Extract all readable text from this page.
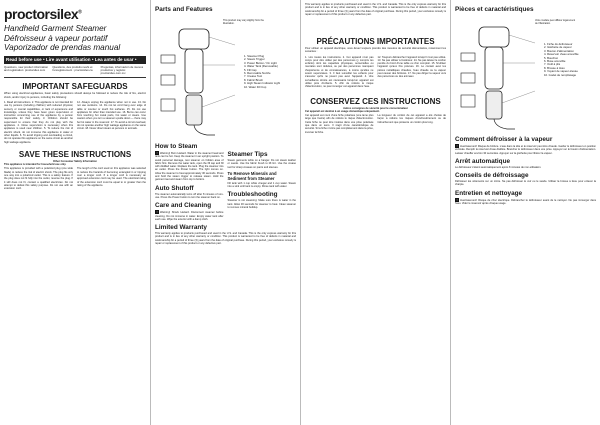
proctorsilex®
Handheld Garment Steamer
Défroisseur à vapeur portatif
Vaporizador de prendas manual
Read before use • Lire avant utilisation • Lea antes de usar •
Questions, new product information and registration: proctorsilex.com
Questions, des produits neufs et l'enregistrement : proctorsilex.ca
Preguntas, información de nuevos productos y registro: proctorsilex.com.mx
IMPORTANT SAFEGUARDS
When using electrical appliances, basic safety precautions should always be followed to reduce the risk of fire, electric shock, and/or injury to persons, including the following:
1. Read all instructions. 2. This appliance is not intended for use by persons (including children) with reduced physical, sensory or mental capabilities, or lack of experience and knowledge, unless they have been given supervision or instruction concerning use of the appliance by a person responsible for their safety. 3. Children should be supervised to ensure that they do not play with the appliance. 4. Close supervision is necessary when this appliance is used near children. 5. To reduce the risk of electric shock, do not immerse this appliance in water or other liquids. 6. To avoid tripping and overloading a circuit, do not operate this appliance on the same circuit as another high wattage appliance.
12. Always unplug the appliance when not in use. 13. Do not use outdoors. 14. Do not let cord hang over edge of table or counter or touch hot surfaces. 15. Do not use appliance for other than intended use. 16. Burns can occur from touching hot metal parts, hot water or steam. Use caution when you turn a steamer upside down — there may be hot water in the reservoir. 17. To avoid a circuit overload, do not operate another high wattage appliance on the same circuit. 18. Never direct steam at persons or animals.
SAVE THESE INSTRUCTIONS
Other Consumer Safety Information
This appliance is intended for household use only.
This appliance is provided with a polarized plug (one wide blade) to reduce the risk of electric shock. The plug fits only one way into a polarized outlet. This is a safety feature. If the plug does not fit fully into the outlet, reverse the plug. If it still does not fit, contact a qualified electrician. Do not attempt to defeat this safety purpose. Do not use with an extension cord.
The length of the cord used on this appliance was selected to reduce the hazards of becoming entangled in or tripping over a longer cord. If a longer cord is necessary an approved extension cord may be used. The electrical rating of the extension cord must be equal to or greater than the rating of the appliance.
Parts and Features
This product may vary slightly from the illustration.
1. Steamer Plug
2. Steam Trigger
3. Power Button / On Light
4. Water Tank (Removable)
5. Fill Cap
6. Removable Nozzle
7. Crease Tool
8. Fabric Brush
9. High Steam Indicator Light
10. Water Fill Cup
How to Steam
! Warning! Burn Hazard. Water in the steamer head and tank can be hot. Keep the steamer in an upright position. To avoid personal damage, test steamer on hidden area of fabric first. Remove the water tank, open the fill cap and fill with distilled water. Replace the tank. Plug the steamer into an outlet. Press the Power button. The light comes on. Allow the steamer to heat approximately 30 seconds. Press and hold the steam trigger to release steam. Hold the garment taut and steam from top to bottom.
Auto Shutoff
The steamer automatically turns off after 8 minutes of non-use. Press the Power button to turn the steamer back on.
Care and Cleaning
! Warning! Shock Hazard. Disconnect steamer before cleaning. Do not immerse in water. Empty water tank after each use. Wipe the exterior with a damp cloth.
Steamer Tips
Steam garments while on a hanger. Do not steam leather or suede. Use the fabric brush to lift lint. Use the crease tool for sharp creases on pants and sleeves.
To Remove Minerals and Sediment from Steamer
Fill tank with 1 cup white vinegar and 1 cup water. Steam into a sink until tank is empty. Rinse tank with water.
Troubleshooting
Steamer is not steaming: Make sure there is water in the tank. Allow 30 seconds for steamer to heat. Clean steamer to remove mineral buildup.
Limited Warranty
This warranty applies to products purchased and used in the U.S. and Canada. This is the only express warranty for this product and is in lieu of any other warranty or condition. This product is warranted to be free of defects in material and workmanship for a period of three (3) years from the date of original purchase. During this period, your exclusive remedy is repair or replacement of this product or any defective part.
This warranty applies to products purchased and used in the U.S. and Canada. This is the only express warranty for this product and is in lieu of any other warranty or condition. This product is warranted to be free of defects in material and workmanship for a period of three (3) years from the date of original purchase. During this period, your exclusive remedy is repair or replacement of this product or any defective part.
PRÉCAUTIONS IMPORTANTES
Pour utiliser un appareil électrique, vous devez toujours prendre des mesures de sécurité élémentaires, notamment les suivantes :
1. Lire toutes les instructions. 2. Cet appareil n'est pas conçu pour être utilisé par des personnes (y compris les enfants) dont les capacités physiques, sensorielles ou mentales sont réduites, ou par des personnes manquant d'expérience et de connaissances, à moins qu'elles ne soient supervisées. 3. Il faut surveiller les enfants pour s'assurer qu'ils ne jouent pas avec l'appareil. 4. Une surveillance étroite est nécessaire lorsqu'un appareil est utilisé près d'enfants. 5. Afin de réduire le risque d'électrocution, ne pas immerger cet appareil dans l'eau.
12. Toujours débrancher l'appareil lorsqu'il n'est pas utilisé. 13. Ne pas utiliser à l'extérieur. 14. Ne pas laisser le cordon pendre du bord d'une table ou d'un comptoir. 15. N'utiliser l'appareil qu'aux fins prévues. 16. Le contact avec les pièces métalliques chaudes, l'eau chaude ou la vapeur peut causer des brûlures. 17. Ne pas diriger la vapeur vers des personnes ou des animaux.
CONSERVEZ CES INSTRUCTIONS
Autres consignes de sécurité pour le consommateur
Cet appareil est destiné à un usage domestique uniquement.
Cet appareil est muni d'une fiche polarisée (une lame plus large que l'autre) afin de réduire le risque d'électrocution. Cette fiche ne peut être insérée dans une prise polarisée que dans un sens. Il s'agit d'une caractéristique de sécurité. Si la fiche n'entre pas complètement dans la prise, inverser la fiche.
La longueur du cordon de cet appareil a été choisie de façon à réduire les risques d'enchevêtrement ou de trébuchement que présente un cordon plus long.
Pièces et caractéristiques
Votre modèle peut différer légèrement de l'illustration.
1. Fiche du défroisseur
2. Gâchette de vapeur
3. Bouton d'alimentation
4. Réservoir d'eau amovible
5. Bouchon
6. Buse amovible
7. Outil à plis
8. Brosse à tissu
9. Voyant de vapeur élevée
10. Godet de remplissage
Comment défroisser à la vapeur
! Avertissement! Risque de brûlure. L'eau dans la tête et le réservoir peut être chaude. Garder le défroisseur en position verticale. Remplir le réservoir d'eau distillée. Brancher le défroisseur dans une prise. Appuyer sur le bouton d'alimentation. Laisser chauffer environ 30 secondes. Appuyer sur la gâchette pour libérer la vapeur.
Arrêt automatique
Le défroisseur s'éteint automatiquement après 8 minutes de non-utilisation.
Conseils de défroissage
Défroisser les vêtements sur un cintre. Ne pas défroisser le cuir ou le suède. Utiliser la brosse à tissu pour enlever la charpie.
Entretien et nettoyage
! Avertissement! Risque de choc électrique. Débrancher le défroisseur avant de le nettoyer. Ne pas immerger dans l'eau. Vider le réservoir après chaque usage.
